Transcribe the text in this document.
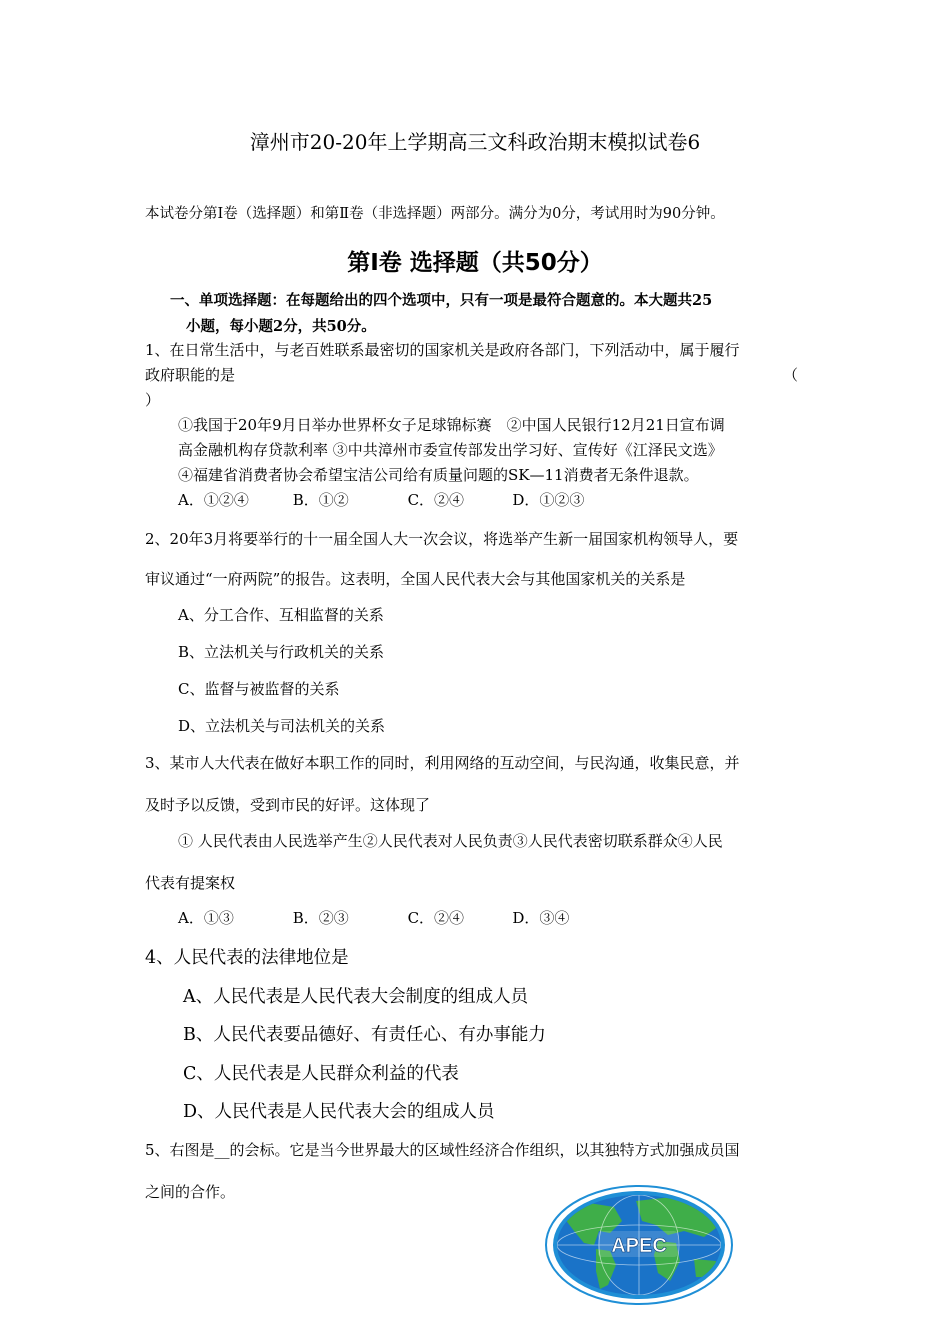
漳州市20-20年上学期高三文科政治期末模拟试卷6
本试卷分第Ⅰ卷（选择题）和第Ⅱ卷（非选择题）两部分。满分为0分，考试用时为90分钟。
第Ⅰ卷 选择题（共50分）
一、单项选择题：在每题给出的四个选项中，只有一项是最符合题意的。本大题共25
小题，每小题2分，共50分。
1、在日常生活中，与老百姓联系最密切的国家机关是政府各部门，下列活动中，属于履行
政府职能的是	（
）
①我国于20年9月日举办世界杯女子足球锦标赛　②中国人民银行12月21日宣布调
高金融机构存贷款利率 ③中共漳州市委宣传部发出学习好、宣传好《江泽民文选》
④福建省消费者协会希望宝洁公司给有质量问题的SK—11消费者无条件退款。
A．①②④	B．①②	C．②④	D．①②③
2、20年3月将要举行的十一届全国人大一次会议，将选举产生新一届国家机构领导人，要
审议通过“一府两院”的报告。这表明，全国人民代表大会与其他国家机关的关系是
A、分工合作、互相监督的关系
B、立法机关与行政机关的关系
C、监督与被监督的关系
D、立法机关与司法机关的关系
3、某市人大代表在做好本职工作的同时，利用网络的互动空间，与民沟通，收集民意，并
及时予以反馈，受到市民的好评。这体现了
① 人民代表由人民选举产生②人民代表对人民负责③人民代表密切联系群众④人民
代表有提案权
A．①③	B．②③	C．②④	D．③④
4、人民代表的法律地位是
A、人民代表是人民代表大会制度的组成人员
B、人民代表要品德好、有责任心、有办事能力
C、人民代表是人民群众利益的代表
D、人民代表是人民代表大会的组成人员
5、右图是__的会标。它是当今世界最大的区域性经济合作组织，以其独特方式加强成员国
之间的合作。
APEC
